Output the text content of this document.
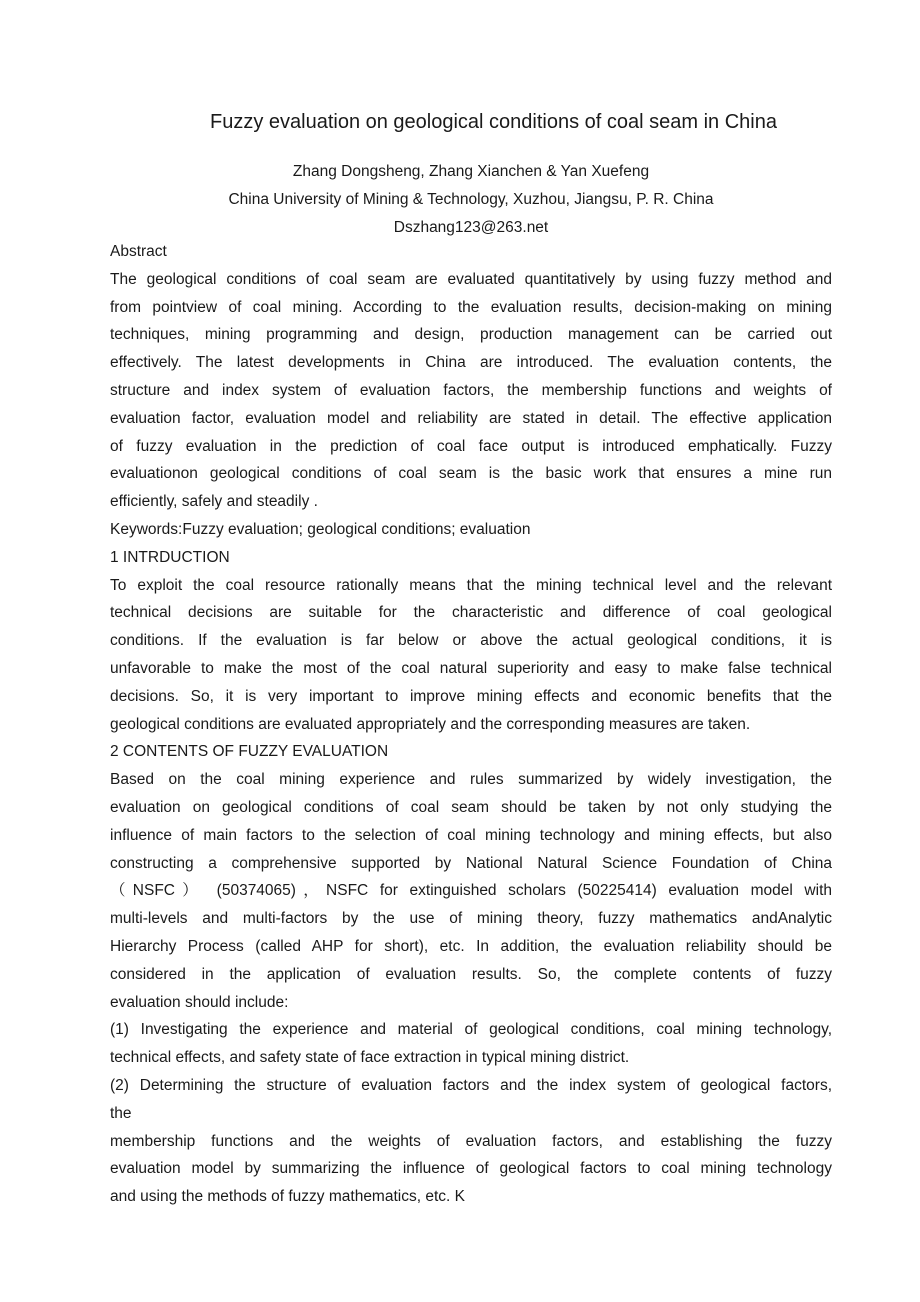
Fuzzy evaluation on geological conditions of coal seam in China
Zhang Dongsheng, Zhang Xianchen & Yan Xuefeng
China University of Mining & Technology, Xuzhou, Jiangsu, P. R. China
Dszhang123@263.net
Abstract
The geological conditions of coal seam are evaluated quantitatively by using fuzzy method and
from pointview of coal mining. According to the evaluation results, decision-making on mining
techniques, mining programming and design, production management can be carried out
effectively. The latest developments in China are introduced. The evaluation contents, the
structure and index system of evaluation factors, the membership functions and weights of
evaluation factor, evaluation model and reliability are stated in detail. The effective application
of fuzzy evaluation in the prediction of coal face output is introduced emphatically. Fuzzy
evaluationon geological conditions of coal seam is the basic work that ensures a mine run
efficiently, safely and steadily .
Keywords:Fuzzy evaluation; geological conditions; evaluation
1 INTRDUCTION
To exploit the coal resource rationally means that the mining technical level and the relevant
technical decisions are suitable for the characteristic and difference of coal geological
conditions. If the evaluation is far below or above the actual geological conditions, it is
unfavorable to make the most of the coal natural superiority and easy to make false technical
decisions. So, it is very important to improve mining effects and economic benefits that the
geological conditions are evaluated appropriately and the corresponding measures are taken.
2 CONTENTS OF FUZZY EVALUATION
Based on the coal mining experience and rules summarized by widely investigation, the
evaluation on geological conditions of coal seam should be taken by not only studying the
influence of main factors to the selection of coal mining technology and mining effects, but also
constructing a comprehensive supported by National Natural Science Foundation of China
（NSFC） (50374065)，NSFC for extinguished scholars (50225414) evaluation model with
multi-levels and multi-factors by the use of mining theory, fuzzy mathematics andAnalytic
Hierarchy Process (called AHP for short), etc. In addition, the evaluation reliability should be
considered in the application of evaluation results. So, the complete contents of fuzzy
evaluation should include:
(1) Investigating the experience and material of geological conditions, coal mining technology,
technical effects, and safety state of face extraction in typical mining district.
(2) Determining the structure of evaluation factors and the index system of geological factors,
the
membership functions and the weights of evaluation factors, and establishing the fuzzy
evaluation model by summarizing the influence of geological factors to coal mining technology
and using the methods of fuzzy mathematics, etc. K
